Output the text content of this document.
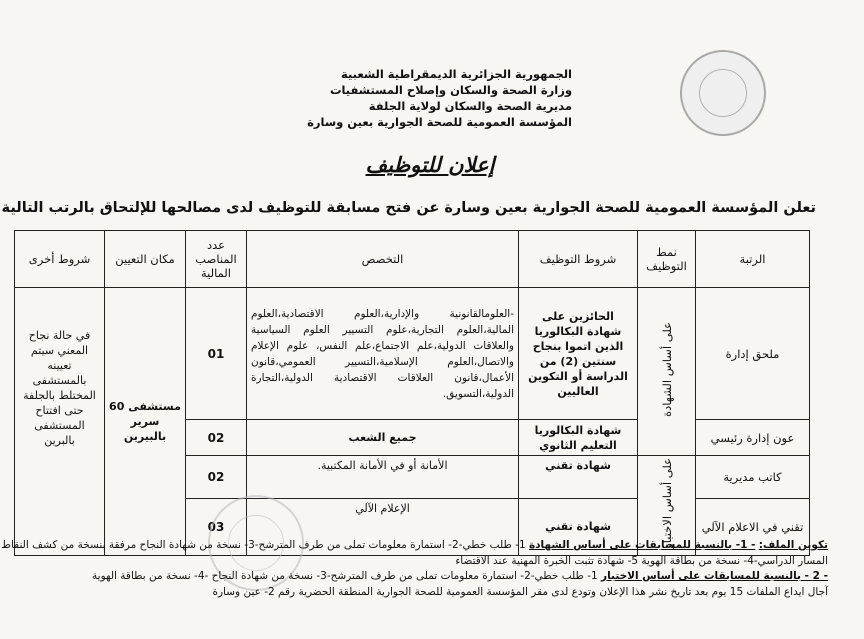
الجمهورية الجزائرية الديمقراطية الشعبية
وزارة الصحة والسكان وإصلاح المستشفيات
مديرية الصحة والسكان لولاية الجلفة
المؤسسة العمومية للصحة الجوارية بعين وسارة
إعلان للتوظيف
تعلن المؤسسة العمومية للصحة الجوارية بعين وسارة عن فتح مسابقة للتوظيف لدى مصالحها للإلتحاق بالرتب التالية
الرتبة	نمط التوظيف	شروط التوظيف	التخصص	عدد المناصب المالية	مكان التعيين	شروط أخرى
ملحق إدارة	على أساس الشهادة	الحائزين على شهادة البكالوريا الذين اتموا بنجاح سنتين (2) من الدراسة أو التكوين العاليين	-العلومالقانونية والإدارية،العلوم الاقتصادية،العلوم المالية،العلوم التجارية،علوم التسيير العلوم السياسية والعلاقات الدولية،علم الاجتماع،علم النفس، علوم الإعلام والاتصال،العلوم الإسلامية،التسيير العمومي،قانون الأعمال،قانون العلاقات الاقتصادية الدولية،التجارة الدولية،التسويق.	01	مستشفى 60 سرير بالبيرين	في حالة نجاح المعني سيتم تعيينه بالمستشفى المختلط بالجلفة حتى افتتاح المستشفى بالبرين
عون إدارة رئيسي		شهادة البكالوريا التعليم الثانوي	جميع الشعب	02		
كاتب مديرية	على أساس الاختبار	شهادة تقني	الأمانة أو في الأمانة المكتبية.	02		
تقني في الاعلام الآلي		شهادة تقني	الإعلام الآلي	03		
تكوين الملف: - 1- بالنسبة للمسابقات على أساس الشهادة 1- طلب خطي-2- استمارة معلومات تملى من طرف المترشح-3- نسخة من شهادة النجاح مرفقة بنسخة من كشف النقاط
المسار الدراسي-4- نسخة من بطاقة الهوية 5- شهادة تثبت الخبرة المهنية عند الاقتضاء
- 2 - بالنسبة للمسابقات على أساس الاختبار 1- طلب خطي-2- استمارة معلومات تملى من طرف المترشح-3- نسخة من شهادة النجاح -4- نسخة من بطاقة الهوية
آجال ايداع الملفات 15 يوم بعد تاريخ نشر هذا الإعلان وتودع لدى مقر المؤسسة العمومية للصحة الجوارية المنطقة الحضرية رقم 2- عين وسارة
